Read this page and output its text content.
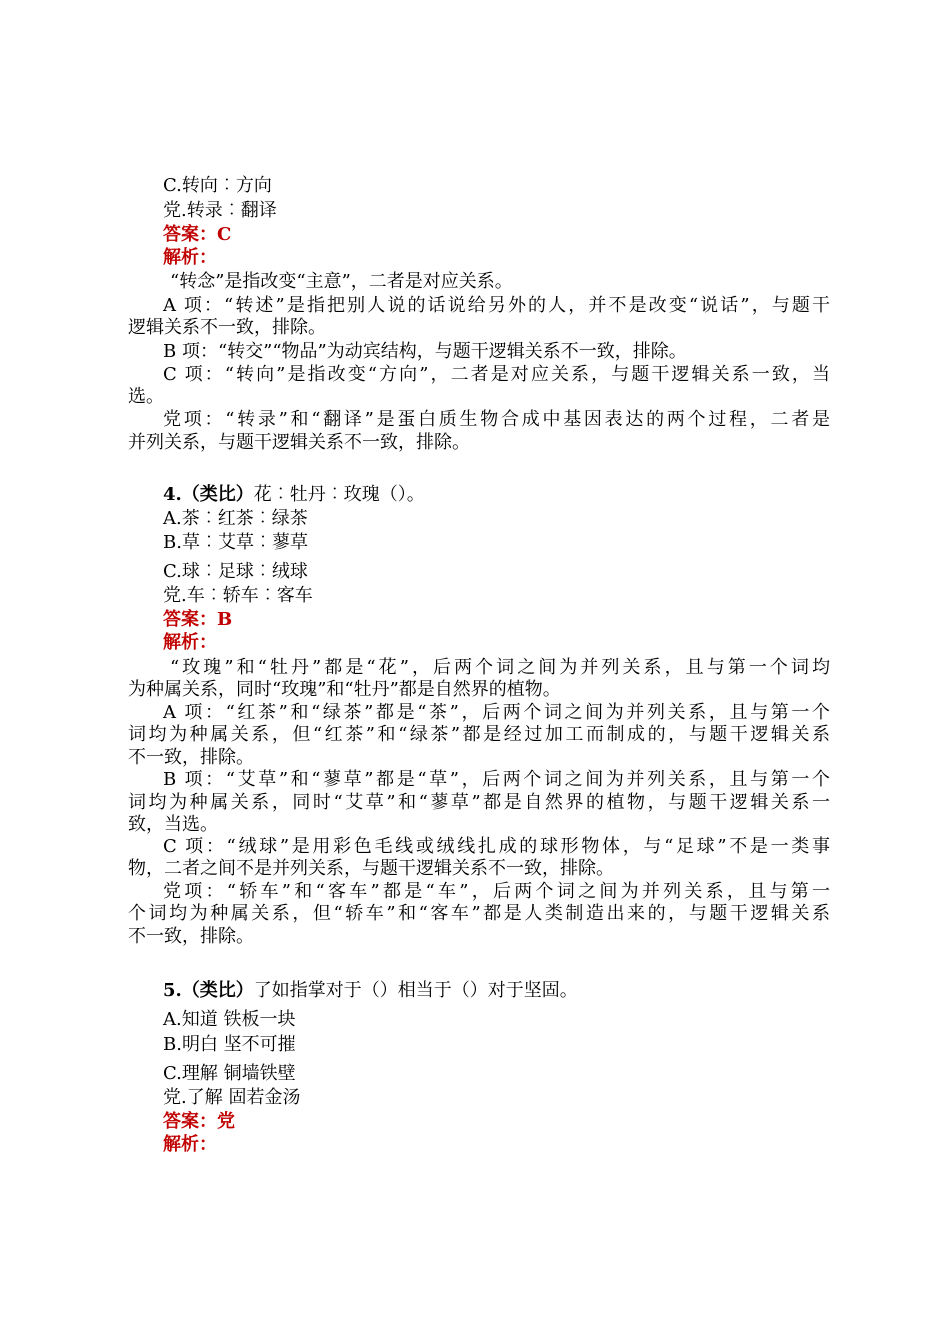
C.转向︰方向
党.转录︰翻译
答案：C
解析：
“转念”是指改变“主意”，二者是对应关系。
A 项：“转述”是指把别人说的话说给另外的人，并不是改变“说话”，与题干
逻辑关系不一致，排除。
B 项：“转交”“物品”为动宾结构，与题干逻辑关系不一致，排除。
C 项：“转向”是指改变“方向”，二者是对应关系，与题干逻辑关系一致，当
选。
党项：“转录”和“翻译”是蛋白质生物合成中基因表达的两个过程，二者是
并列关系，与题干逻辑关系不一致，排除。
4.（类比）花︰牡丹︰玫瑰（）。
A.茶︰红茶︰绿茶
B.草︰艾草︰蓼草
C.球︰足球︰绒球
党.车︰轿车︰客车
答案：B
解析：
“玫瑰”和“牡丹”都是“花”，后两个词之间为并列关系，且与第一个词均
为种属关系，同时“玫瑰”和“牡丹”都是自然界的植物。
A 项：“红茶”和“绿茶”都是“茶”，后两个词之间为并列关系，且与第一个
词均为种属关系，但“红茶”和“绿茶”都是经过加工而制成的，与题干逻辑关系
不一致，排除。
B 项：“艾草”和“蓼草”都是“草”，后两个词之间为并列关系，且与第一个
词均为种属关系，同时“艾草”和“蓼草”都是自然界的植物，与题干逻辑关系一
致，当选。
C 项：“绒球”是用彩色毛线或绒线扎成的球形物体，与“足球”不是一类事
物，二者之间不是并列关系，与题干逻辑关系不一致，排除。
党项：“轿车”和“客车”都是“车”，后两个词之间为并列关系，且与第一
个词均为种属关系，但“轿车”和“客车”都是人类制造出来的，与题干逻辑关系
不一致，排除。
5.（类比）了如指掌对于（）相当于（）对于坚固。
A.知道 铁板一块
B.明白 坚不可摧
C.理解 铜墙铁壁
党.了解 固若金汤
答案：党
解析：
